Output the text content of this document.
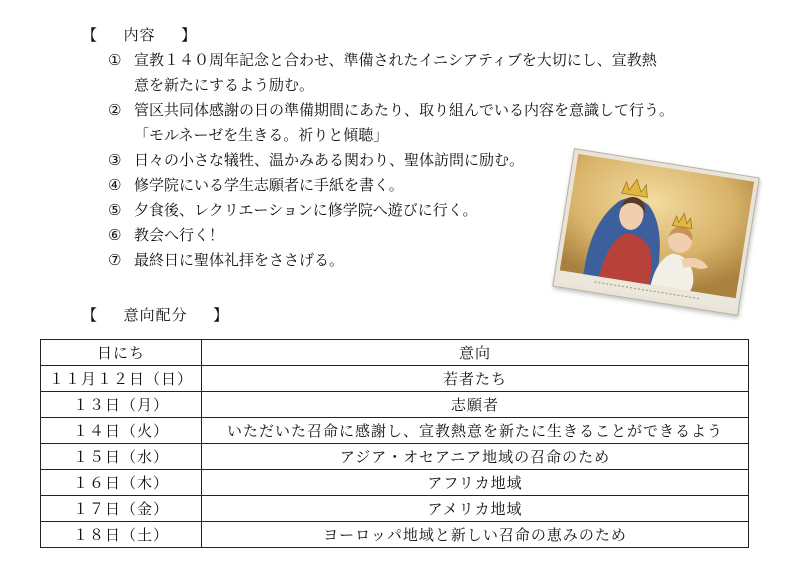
【 内容 】
① 宣教１４０周年記念と合わせ、準備されたイニシアティブを大切にし、宣教熱
意を新たにするよう励む。
② 管区共同体感謝の日の準備期間にあたり、取り組んでいる内容を意識して行う。
「モルネーゼを生きる。祈りと傾聴」
③ 日々の小さな犠牲、温かみある関わり、聖体訪問に励む。
④ 修学院にいる学生志願者に手紙を書く。
⑤ 夕食後、レクリエーションに修学院へ遊びに行く。
⑥ 教会へ行く！
⑦ 最終日に聖体礼拝をささげる。
【 意向配分 】
日にち	意向
１１月１２日（日）	若者たち
１３日（月）	志願者
１４日（火）	いただいた召命に感謝し、宣教熱意を新たに生きることができるよう
１５日（水）	アジア・オセアニア地域の召命のため
１６日（木）	アフリカ地域
１７日（金）	アメリカ地域
１８日（土）	ヨーロッパ地域と新しい召命の恵みのため
